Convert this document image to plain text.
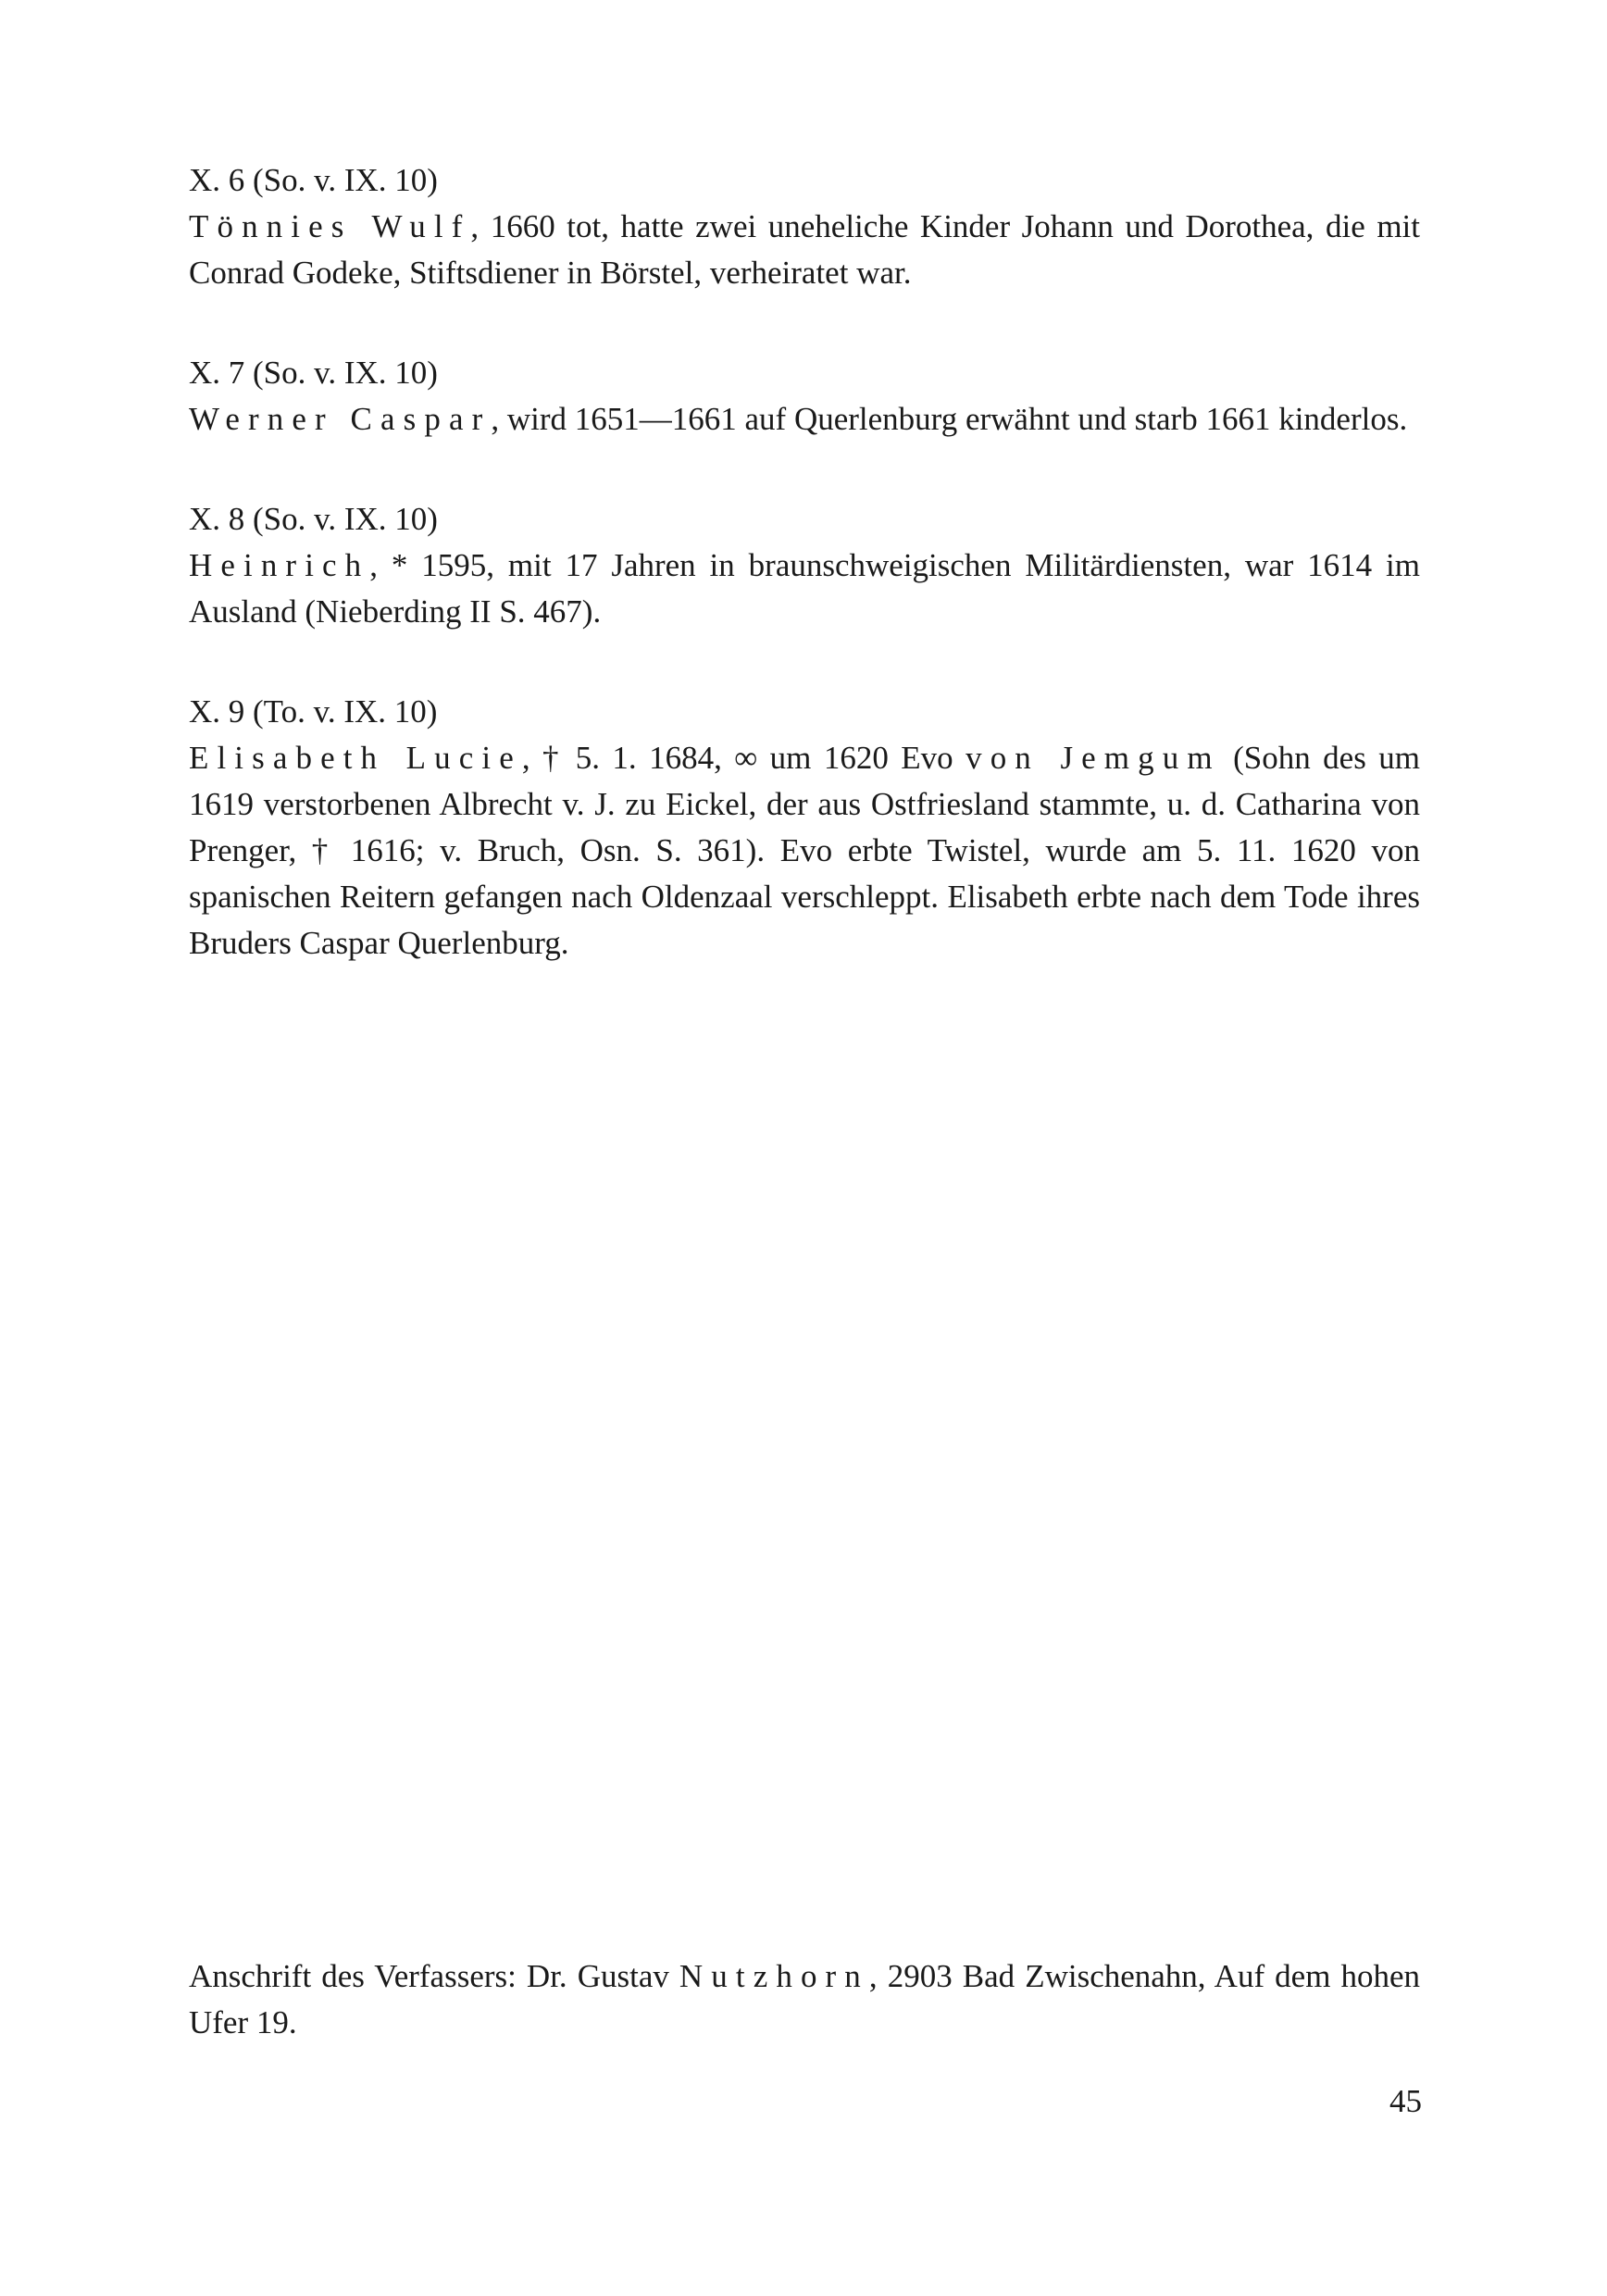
X. 6 (So. v. IX. 10)

Tönnies Wulf, 1660 tot, hatte zwei uneheliche Kinder Johann und Dorothea, die mit Conrad Godeke, Stiftsdiener in Börstel, verheiratet war.

X. 7 (So. v. IX. 10)

Werner Caspar, wird 1651—1661 auf Querlenburg erwähnt und starb 1661 kinderlos.

X. 8 (So. v. IX. 10)

Heinrich, * 1595, mit 17 Jahren in braunschweigischen Militärdiensten, war 1614 im Ausland (Nieberding II S. 467).

X. 9 (To. v. IX. 10)

Elisabeth Lucie, † 5. 1. 1684, ∞ um 1620 Evo von Jemgum (Sohn des um 1619 verstorbenen Albrecht v. J. zu Eickel, der aus Ostfriesland stammte, u. d. Catharina von Prenger, † 1616; v. Bruch, Osn. S. 361). Evo erbte Twistel, wurde am 5. 11. 1620 von spanischen Reitern gefangen nach Oldenzaal verschleppt. Elisabeth erbte nach dem Tode ihres Bruders Caspar Querlenburg.

Anschrift des Verfassers: Dr. Gustav Nutzhorn, 2903 Bad Zwischenahn, Auf dem hohen Ufer 19.

45
